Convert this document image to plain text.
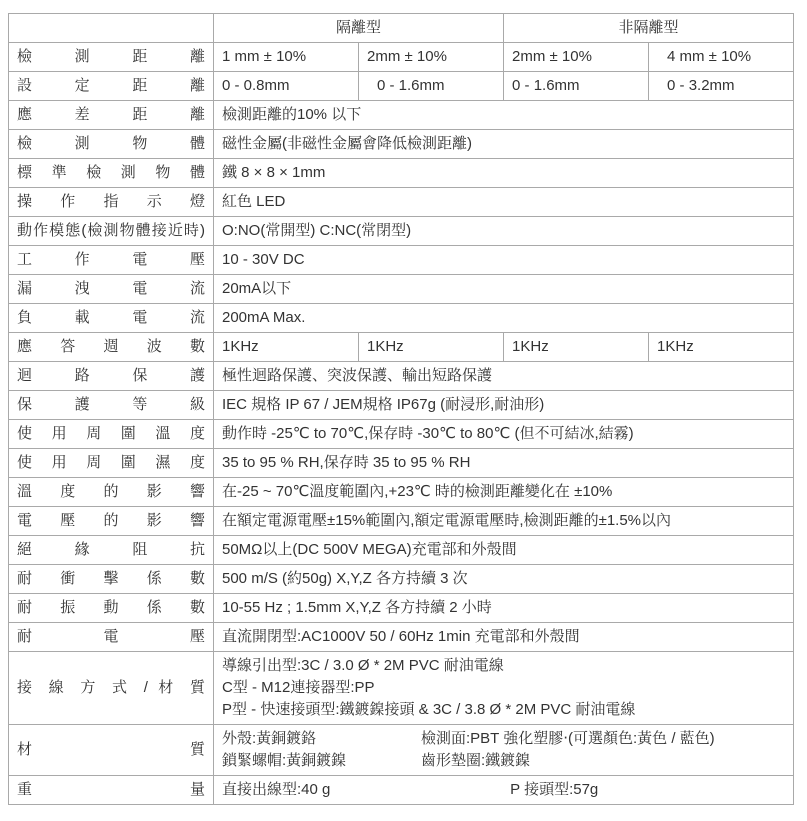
	隔離型		非隔離型	
檢 測 距 離	1 mm ± 10%	2mm ± 10%	2mm ± 10%	4 mm ± 10%
設 定 距 離	0 - 0.8mm	0 - 1.6mm	0 - 1.6mm	0 - 3.2mm
應 差 距 離	檢測距離的10% 以下			
檢 測 物 體	磁性金屬(非磁性金屬會降低檢測距離)			
標 準 檢 測 物 體	鐵 8 × 8 × 1mm			
操 作 指 示 燈	紅色 LED			
動作模態(檢測物體接近時)	O:NO(常開型) C:NC(常閉型)			
工 作 電 壓	10 - 30V DC			
漏 洩 電 流	20mA以下			
負 載 電 流	200mA Max.			
應 答 週 波 數	1KHz	1KHz	1KHz	1KHz
迴 路 保 護	極性迴路保護、突波保護、輸出短路保護			
保 護 等 級	IEC 規格 IP 67 / JEM規格 IP67g (耐浸形,耐油形)			
使 用 周 圍 溫 度	動作時 -25℃ to 70℃,保存時 -30℃ to 80℃ (但不可結冰,結霧)			
使 用 周 圍 濕 度	35 to 95 % RH,保存時 35 to 95 % RH			
溫 度 的 影 響	在-25 ~ 70℃溫度範圍內,+23℃ 時的檢測距離變化在 ±10%			
電 壓 的 影 響	在額定電源電壓±15%範圍內,額定電源電壓時,檢測距離的±1.5%以內			
絕 緣 阻 抗	50MΩ以上(DC 500V MEGA)充電部和外殼間			
耐 衝 擊 係 數	500 m/S (約50g) X,Y,Z 各方持續 3 次			
耐 振 動 係 數	10-55 Hz ; 1.5mm X,Y,Z 各方持續 2 小時			
耐 電 壓	直流開閉型:AC1000V 50 / 60Hz 1min 充電部和外殼間			
接 線 方 式 / 材 質	導線引出型:3C / 3.0 Ø * 2M PVC 耐油電線
C型 - M12連接器型:PP
P型 - 快速接頭型:鐵鍍鎳接頭 & 3C / 3.8 Ø * 2M PVC 耐油電線			

材 質	外殼:黃銅鍍鉻 檢測面:PBT 強化塑膠‧(可選顏色:黃色 / 藍色)
鎖緊螺帽:黃銅鍍鎳 齒形墊圈:鐵鍍鎳			

重 量	直接出線型:40 g P 接頭型:57g			
